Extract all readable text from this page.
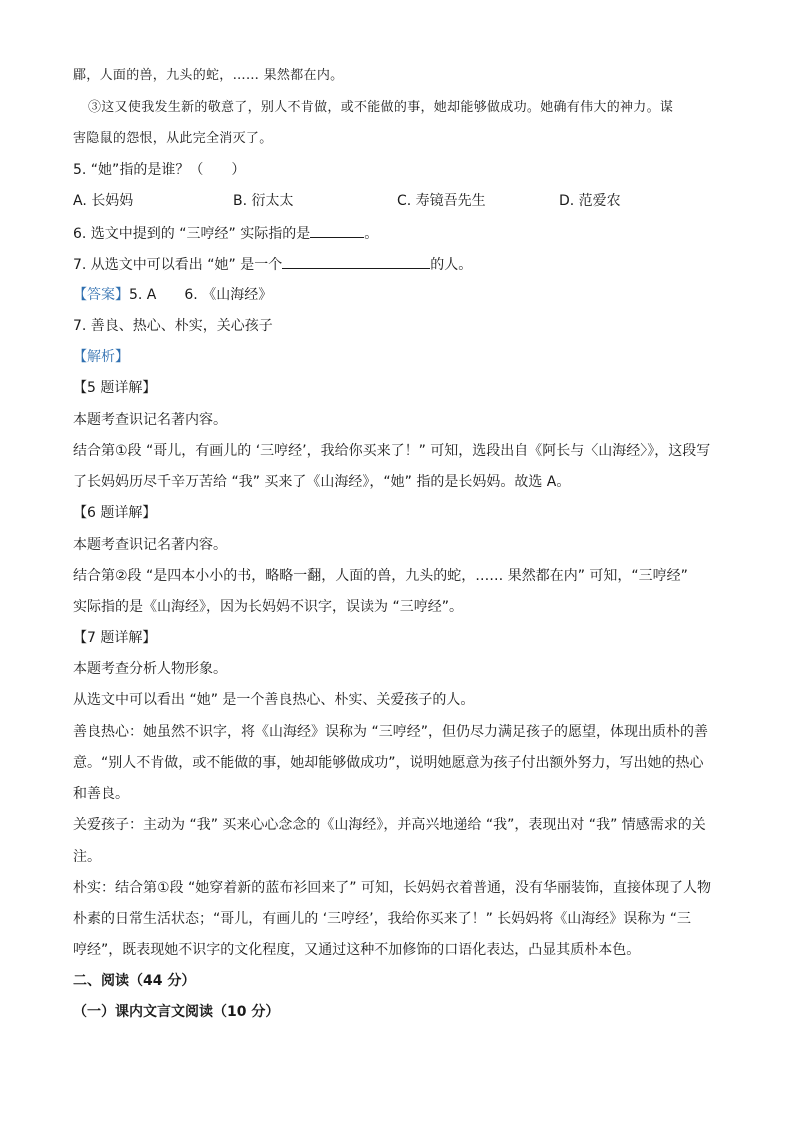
郿，人面的兽，九头的蛇，…… 果然都在内。
③这又使我发生新的敬意了，别人不肯做，或不能做的事，她却能够做成功。她确有伟大的神力。谋
害隐鼠的怨恨，从此完全消灭了。
5. “她”指的是谁？（　　）
A. 长妈妈	B. 衍太太	C. 寿镜吾先生	D. 范爱农
6. 选文中提到的 “三哼经” 实际指的是	。
7. 从选文中可以看出 “她” 是一个	的人。
【答案】5. A　　6. 《山海经》
7. 善良、热心、朴实，关心孩子
【解析】
【5 题详解】
本题考查识记名著内容。
结合第①段 “哥儿，有画儿的 ‘三哼经’，我给你买来了！” 可知，选段出自《阿长与〈山海经〉》，这段写
了长妈妈历尽千辛万苦给 “我” 买来了《山海经》，“她” 指的是长妈妈。故选 A。
【6 题详解】
本题考查识记名著内容。
结合第②段 “是四本小小的书，略略一翻，人面的兽，九头的蛇，…… 果然都在内” 可知，“三哼经”
实际指的是《山海经》，因为长妈妈不识字，误读为 “三哼经”。
【7 题详解】
本题考查分析人物形象。
从选文中可以看出 “她” 是一个善良热心、朴实、关爱孩子的人。
善良热心：她虽然不识字，将《山海经》误称为 “三哼经”，但仍尽力满足孩子的愿望，体现出质朴的善
意。“别人不肯做，或不能做的事，她却能够做成功”，说明她愿意为孩子付出额外努力，写出她的热心
和善良。
关爱孩子：主动为 “我” 买来心心念念的《山海经》，并高兴地递给 “我”，表现出对 “我” 情感需求的关
注。
朴实：结合第①段 “她穿着新的蓝布衫回来了” 可知，长妈妈衣着普通，没有华丽装饰，直接体现了人物
朴素的日常生活状态；“哥儿，有画儿的 ‘三哼经’，我给你买来了！” 长妈妈将《山海经》误称为 “三
哼经”，既表现她不识字的文化程度，又通过这种不加修饰的口语化表达，凸显其质朴本色。
二、阅读（44 分）
（一）课内文言文阅读（10 分）
